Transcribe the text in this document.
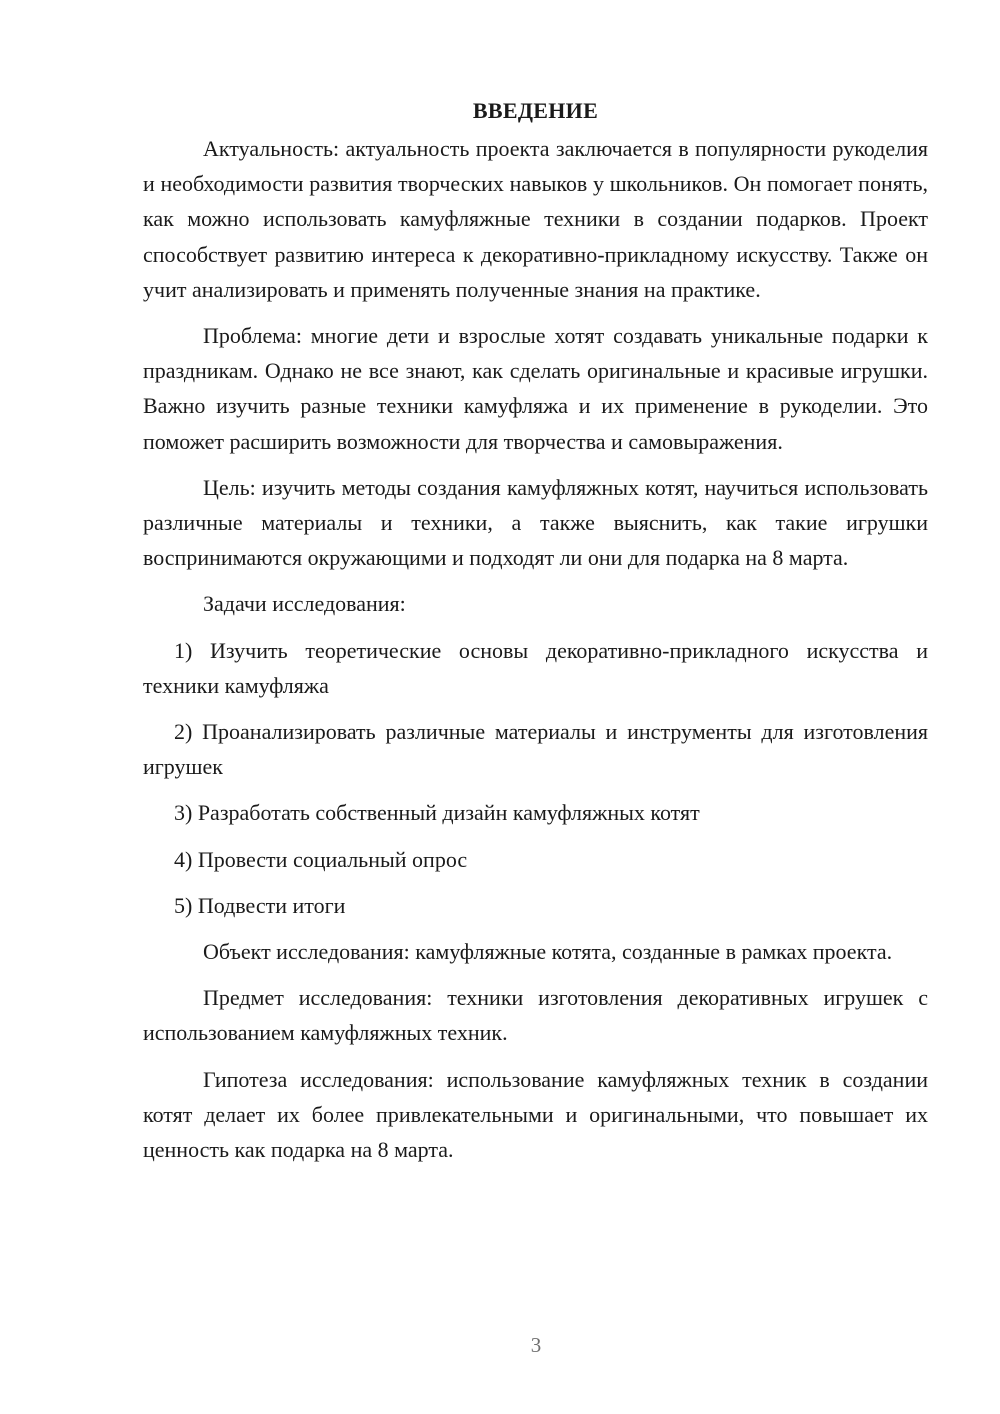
ВВЕДЕНИЕ

Актуальность: актуальность проекта заключается в популярности рукоделия и необходимости развития творческих навыков у школьников. Он помогает понять, как можно использовать камуфляжные техники в создании подарков. Проект способствует развитию интереса к декоративно-прикладному искусству. Также он учит анализировать и применять полученные знания на практике.

Проблема: многие дети и взрослые хотят создавать уникальные подарки к праздникам. Однако не все знают, как сделать оригинальные и красивые игрушки. Важно изучить разные техники камуфляжа и их применение в рукоделии. Это поможет расширить возможности для творчества и самовыражения.

Цель: изучить методы создания камуфляжных котят, научиться использовать различные материалы и техники, а также выяснить, как такие игрушки воспринимаются окружающими и подходят ли они для подарка на 8 марта.

Задачи исследования:

1) Изучить теоретические основы декоративно-прикладного искусства и техники камуфляжа

2) Проанализировать различные материалы и инструменты для изготовления игрушек

3) Разработать собственный дизайн камуфляжных котят

4) Провести социальный опрос

5) Подвести итоги

Объект исследования: камуфляжные котята, созданные в рамках проекта.

Предмет исследования: техники изготовления декоративных игрушек с использованием камуфляжных техник.

Гипотеза исследования: использование камуфляжных техник в создании котят делает их более привлекательными и оригинальными, что повышает их ценность как подарка на 8 марта.

3
